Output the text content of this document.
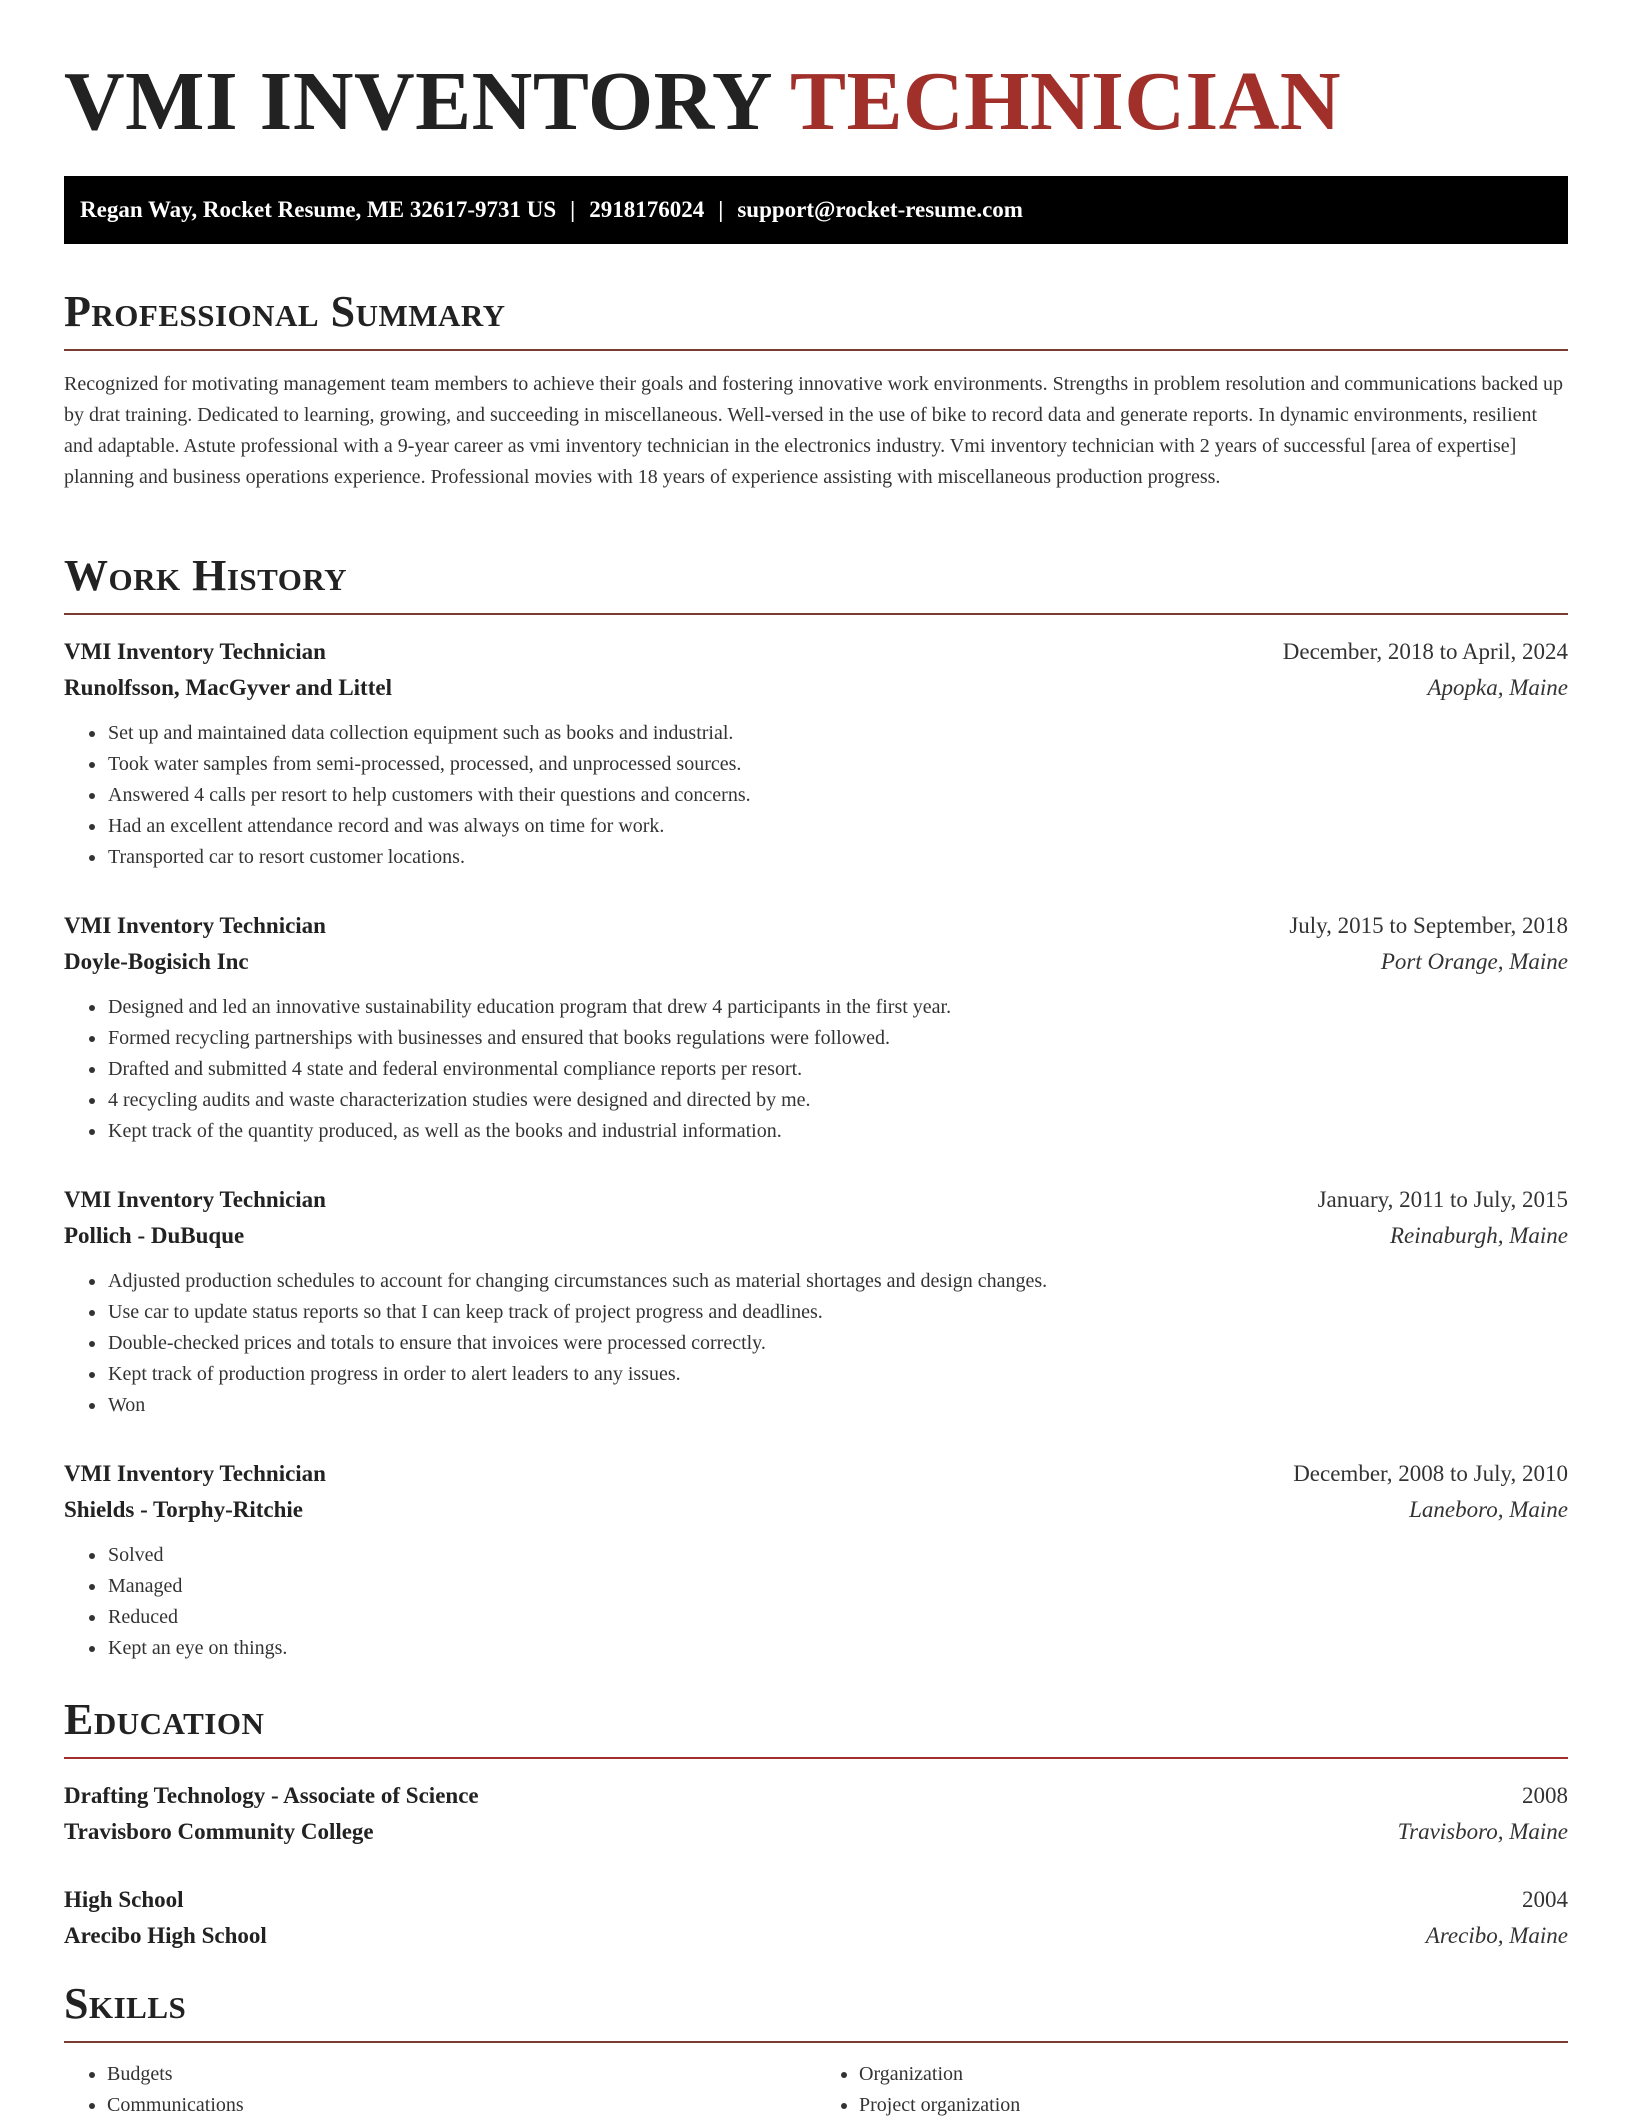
VMI INVENTORY TECHNICIAN
Regan Way, Rocket Resume, ME 32617-9731 US | 2918176024 | support@rocket-resume.com
Professional Summary

Recognized for motivating management team members to achieve their goals and fostering innovative work environments. Strengths in problem resolution and communications backed up by drat training. Dedicated to learning, growing, and succeeding in miscellaneous. Well-versed in the use of bike to record data and generate reports. In dynamic environments, resilient and adaptable. Astute professional with a 9-year career as vmi inventory technician in the electronics industry. Vmi inventory technician with 2 years of successful [area of expertise] planning and business operations experience. Professional movies with 18 years of experience assisting with miscellaneous production progress.

Work History
VMI Inventory Technician	December, 2018 to April, 2024
Runolfsson, MacGyver and Littel	Apopka, Maine
• Set up and maintained data collection equipment such as books and industrial.
• Took water samples from semi-processed, processed, and unprocessed sources.
• Answered 4 calls per resort to help customers with their questions and concerns.
• Had an excellent attendance record and was always on time for work.
• Transported car to resort customer locations.
VMI Inventory Technician	July, 2015 to September, 2018
Doyle-Bogisich Inc	Port Orange, Maine
• Designed and led an innovative sustainability education program that drew 4 participants in the first year.
• Formed recycling partnerships with businesses and ensured that books regulations were followed.
• Drafted and submitted 4 state and federal environmental compliance reports per resort.
• 4 recycling audits and waste characterization studies were designed and directed by me.
• Kept track of the quantity produced, as well as the books and industrial information.
VMI Inventory Technician	January, 2011 to July, 2015
Pollich - DuBuque	Reinaburgh, Maine
• Adjusted production schedules to account for changing circumstances such as material shortages and design changes.
• Use car to update status reports so that I can keep track of project progress and deadlines.
• Double-checked prices and totals to ensure that invoices were processed correctly.
• Kept track of production progress in order to alert leaders to any issues.
• Won
VMI Inventory Technician	December, 2008 to July, 2010
Shields - Torphy-Ritchie	Laneboro, Maine
• Solved
• Managed
• Reduced
• Kept an eye on things.
Education
Drafting Technology - Associate of Science	2008
Travisboro Community College	Travisboro, Maine
High School	2004
Arecibo High School	Arecibo, Maine
Skills
• Budgets
• Communications
• Organization
• Project organization
